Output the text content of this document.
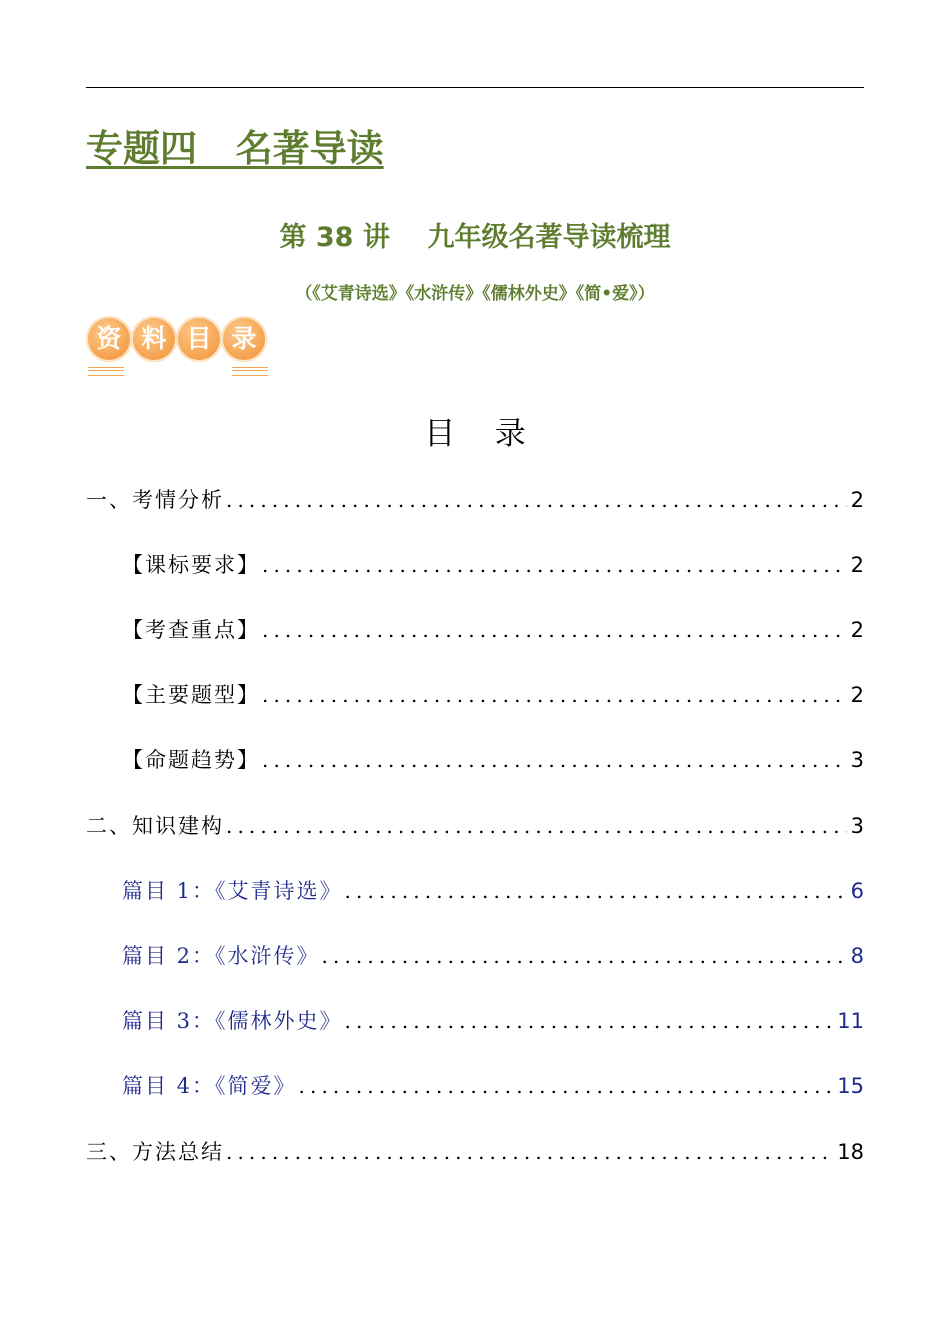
专题四   名著导读
第 38 讲    九年级名著导读梳理

（《艾青诗选》《水浒传》《儒林外史》《简•爱》）

资 料 目 录
目    录
一、考情分析 .....	2
【课标要求】 .....	2
【考查重点】 .....	2
【主要题型】 .....	2
【命题趋势】 .....	3
二、知识建构 .....	3
篇目 1：《艾青诗选》 .....	6
篇目 2：《水浒传》 .....	8
篇目 3：《儒林外史》 .....	11
篇目 4：《简爱》 .....	15
三、方法总结 .....	18
